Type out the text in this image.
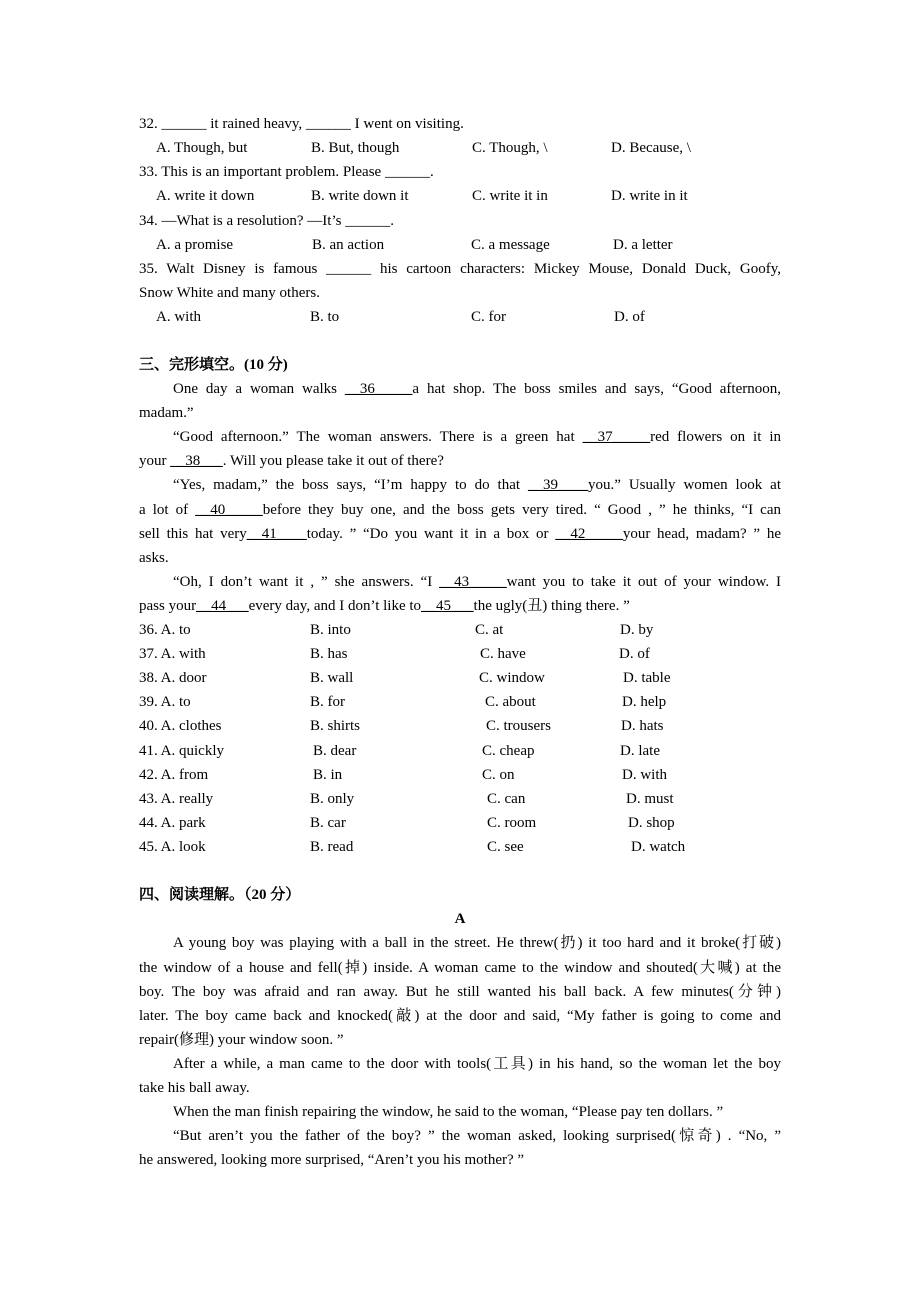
32. ______ it rained heavy, ______ I went on visiting.
A. Though, but	B. But, though	C. Though, \	D. Because, \
33. This is an important problem. Please ______.
A. write it down	B. write down it	C. write it in	D. write in it
34. —What is a resolution? —It’s ______.
A. a promise	B. an action	C. a message	D. a letter
35. Walt Disney is famous ______ his cartoon characters: Mickey Mouse, Donald Duck, Goofy,
Snow White and many others.
A. with	B. to	C. for	D. of
三、完形填空。(10 分)
One day a woman walks __36_____a hat shop. The boss smiles and says, “Good afternoon,
madam.”
“Good afternoon.” The woman answers. There is a green hat __37_____red flowers on it in
your __38___. Will you please take it out of there?
“Yes, madam,” the boss says, “I’m happy to do that __39____you.” Usually women look at
a lot of __40_____before they buy one, and the boss gets very tired. “ Good , ” he thinks, “I can
sell this hat very__41____today. ” “Do you want it in a box or __42_____your head, madam? ” he
asks.
“Oh, I don’t want it , ” she answers. “I __43_____want you to take it out of your window. I
pass your__44___every day, and I don’t like to__45___the ugly(丑) thing there. ”
36. A. to	B. into	C. at	D. by
37. A. with	B. has	C. have	D. of
38. A. door	B. wall	C. window	D. table
39. A. to	B. for	C. about	D. help
40. A. clothes	B. shirts	C. trousers	D. hats
41. A. quickly	B. dear	C. cheap	D. late
42. A. from	B. in	C. on	D. with
43. A. really	B. only	C. can	D. must
44. A. park	B. car	C. room	D. shop
45. A. look	B. read	C. see	D. watch
四、阅读理解。（20 分）
A
A young boy was playing with a ball in the street. He threw(扔) it too hard and it broke(打破)
the window of a house and fell(掉) inside. A woman came to the window and shouted(大喊) at the
boy. The boy was afraid and ran away. But he still wanted his ball back. A few minutes(分钟)
later. The boy came back and knocked(敲) at the door and said, “My father is going to come and
repair(修理) your window soon. ”
After a while, a man came to the door with tools(工具) in his hand, so the woman let the boy
take his ball away.
When the man finish repairing the window, he said to the woman, “Please pay ten dollars. ”
“But aren’t you the father of the boy? ” the woman asked, looking surprised(惊奇) . “No, ”
he answered, looking more surprised, “Aren’t you his mother? ”
